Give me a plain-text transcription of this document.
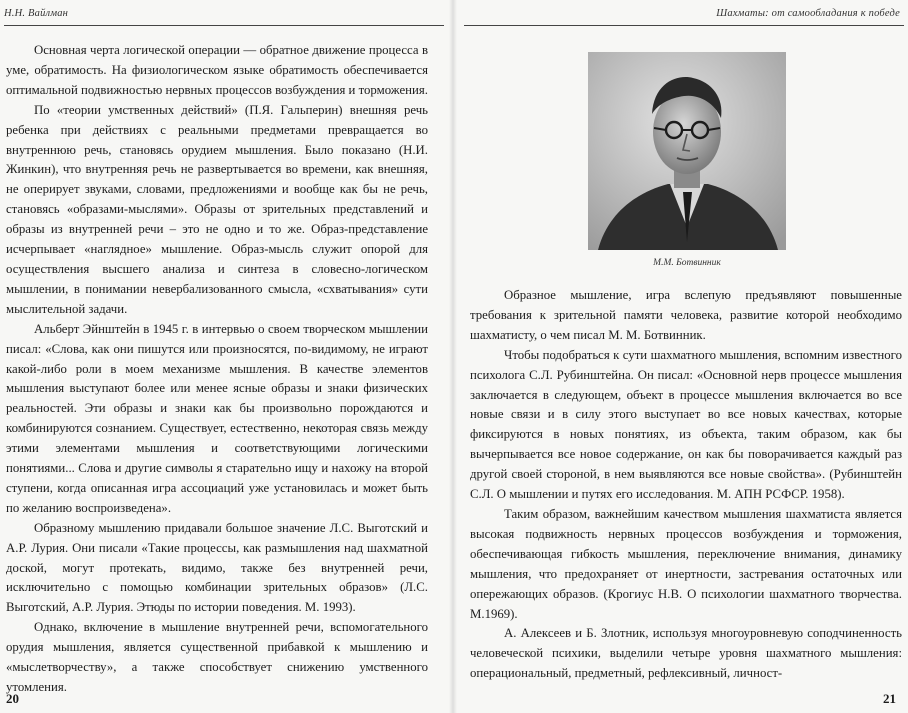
Н.Н. Вайлман

Основная черта логической операции — обратное движение процесса в уме, обратимость. На физиологическом языке обратимость обеспечивается оптимальной подвижностью нервных процессов возбуждения и торможения.

По «теории умственных действий» (П.Я. Гальперин) внешняя речь ребенка при действиях с реальными предметами превращается во внутреннюю речь, становясь орудием мышления. Было показано (Н.И. Жинкин), что внутренняя речь не развертывается во времени, как внешняя, не оперирует звуками, словами, предложениями и вообще как бы не речь, становясь «образами-мыслями». Образы от зрительных представлений и образы из внутренней речи – это не одно и то же. Образ-представление исчерпывает «наглядное» мышление. Образ-мысль служит опорой для осуществления высшего анализа и синтеза в словесно-логическом мышлении, в понимании невербализованного смысла, «схватывания» сути мыслительной задачи.

Альберт Эйнштейн в 1945 г. в интервью о своем творческом мышлении писал: «Слова, как они пишутся или произносятся, по-видимому, не играют какой-либо роли в моем механизме мышления. В качестве элементов мышления выступают более или менее ясные образы и знаки физических реальностей. Эти образы и знаки как бы произвольно порождаются и комбинируются сознанием. Существует, естественно, некоторая связь между этими элементами мышления и соответствующими логическими понятиями... Слова и другие символы я старательно ищу и нахожу на второй ступени, когда описанная игра ассоциаций уже установилась и может быть по желанию воспроизведена».

Образному мышлению придавали большое значение Л.С. Выготский и А.Р. Лурия. Они писали «Такие процессы, как размышления над шахматной доской, могут протекать, видимо, также без внутренней речи, исключительно с помощью комбинации зрительных образов» (Л.С. Выготский, А.Р. Лурия. Этюды по истории поведения. М. 1993).

Однако, включение в мышление внутренней речи, вспомогательного орудия мышления, является существенной прибавкой к мышлению и «мыслетворчеству», а также способствует снижению умственного утомления.

20
Шахматы: от самообладания к победе
М.М. Ботвинник

Образное мышление, игра вслепую предъявляют повышенные требования к зрительной памяти человека, развитие которой необходимо шахматисту, о чем писал М. М. Ботвинник.

Чтобы подобраться к сути шахматного мышления, вспомним известного психолога С.Л. Рубинштейна. Он писал: «Основной нерв процессе мышления заключается в следующем, объект в процессе мышления включается во все новые связи и в силу этого выступает во все новых качествах, которые фиксируются в новых понятиях, из объекта, таким образом, как бы вычерпывается все новое содержание, он как бы поворачивается каждый раз другой своей стороной, в нем выявляются все новые свойства». (Рубинштейн С.Л. О мышлении и путях его исследования. М. АПН РСФСР. 1958).

Таким образом, важнейшим качеством мышления шахматиста является высокая подвижность нервных процессов возбуждения и торможения, обеспечивающая гибкость мышления, переключение внимания, динамику мышления, что предохраняет от инертности, застревания остаточных или опережающих образов. (Крогиус Н.В. О психологии шахматного творчества. М.1969).

А. Алексеев и Б. Злотник, используя многоуровневую соподчиненность человеческой психики, выделили четыре уровня шахматного мышления: операциональный, предметный, рефлексивный, личност-

21
